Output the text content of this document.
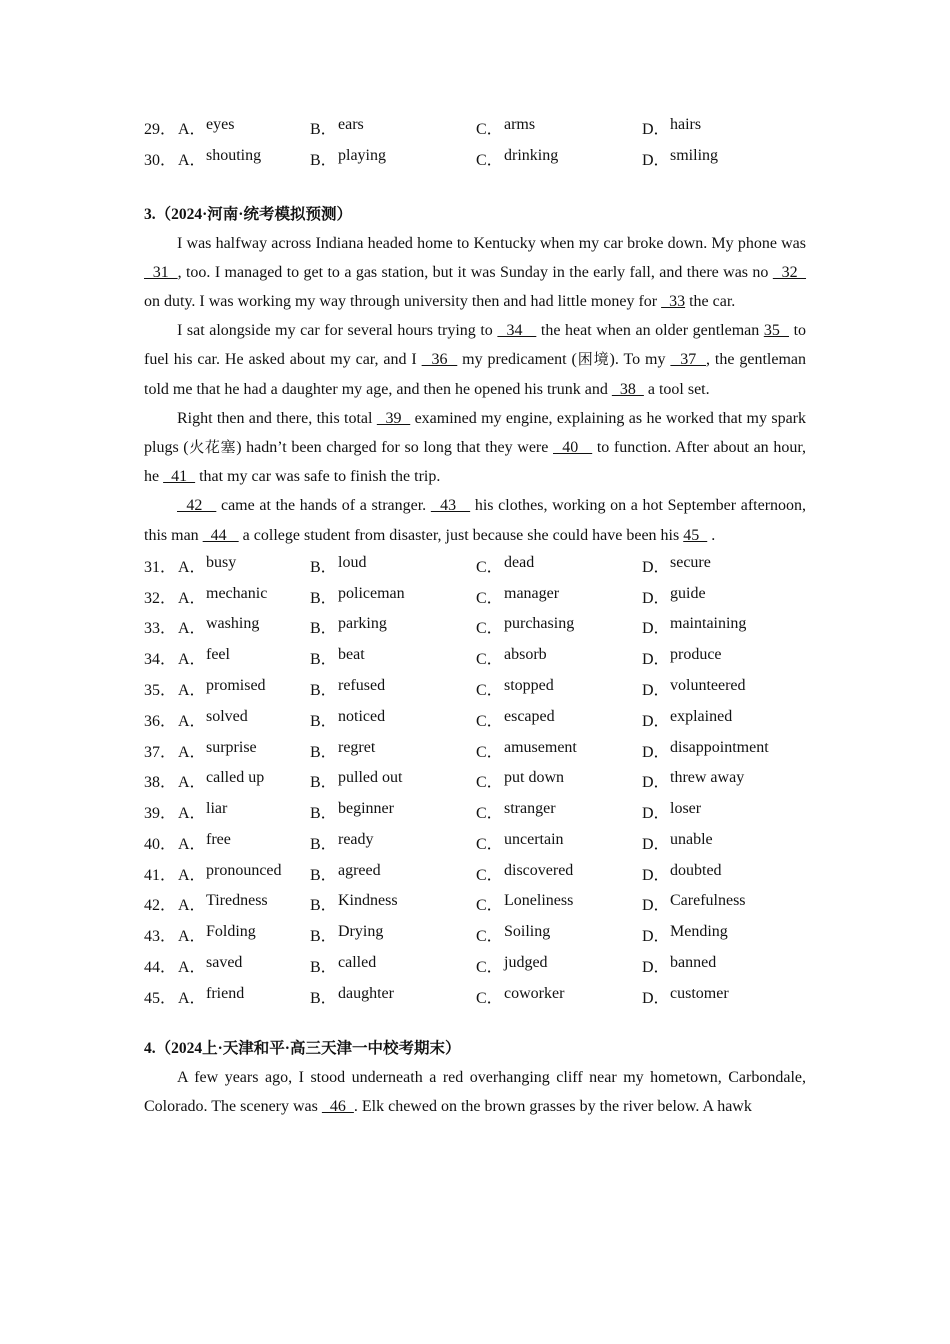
29． A． eyes	B． ears	C． arms	D． hairs
30． A． shouting	B． playing	C． drinking	D． smiling

3.（2024·河南·统考模拟预测）

I was halfway across Indiana headed home to Kentucky when my car broke down. My phone was   31  , too. I managed to get to a gas station, but it was Sunday in the early fall, and there was no   32   on duty. I was working my way through university then and had little money for   33 the car.

I sat alongside my car for several hours trying to   34    the heat when an older gentleman 35   to fuel his car. He asked about my car, and I   36   my predicament (困境). To my   37  , the gentleman told me that he had a daughter my age, and then he opened his trunk and   38   a tool set.

Right then and there, this total   39   examined my engine, explaining as he worked that my spark plugs (火花塞) hadn’t been charged for so long that they were   40    to function. After about an hour, he   41   that my car was safe to finish the trip.

42    came at the hands of a stranger.   43    his clothes, working on a hot September afternoon, this man   44    a college student from disaster, just because she could have been his 45   .

31． A． busy	B． loud	C． dead	D． secure
32． A． mechanic	B． policeman	C． manager	D． guide
33． A． washing	B． parking	C． purchasing	D． maintaining
34． A． feel	B． beat	C． absorb	D． produce
35． A． promised	B． refused	C． stopped	D． volunteered
36． A． solved	B． noticed	C． escaped	D． explained
37． A． surprise	B． regret	C． amusement	D． disappointment
38． A． called up	B． pulled out	C． put down	D． threw away
39． A． liar	B． beginner	C． stranger	D． loser
40． A． free	B． ready	C． uncertain	D． unable
41． A． pronounced B． agreed	C． discovered	D． doubted
42． A． Tiredness	B． Kindness	C． Loneliness	D． Carefulness
43． A． Folding	B． Drying	C． Soiling	D． Mending
44． A． saved	B． called	C． judged	D． banned
45． A． friend	B． daughter	C． coworker	D． customer

4.（2024上·天津和平·高三天津一中校考期末）

A few years ago, I stood underneath a red overhanging cliff near my hometown, Carbondale, Colorado. The scenery was   46  . Elk chewed on the brown grasses by the river below. A hawk
